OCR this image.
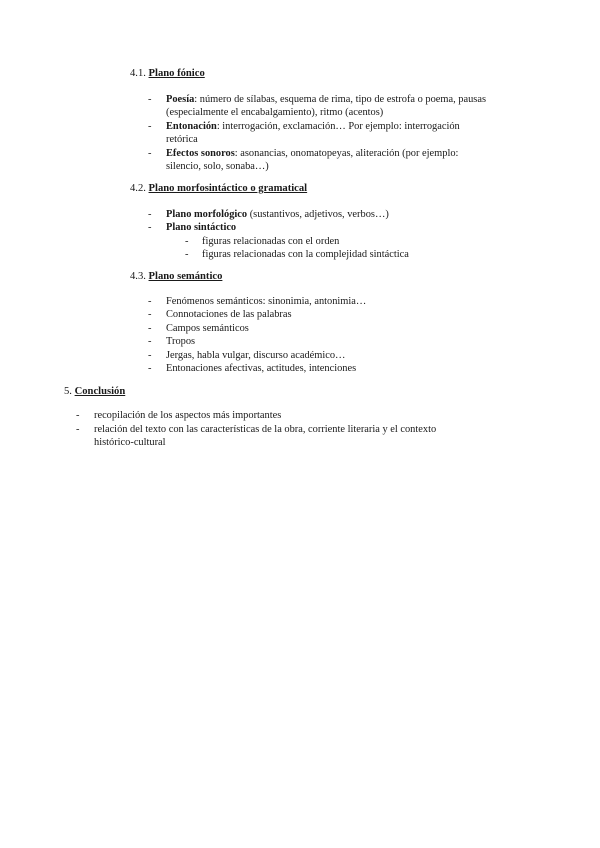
4.1. Plano fónico
- Poesía: número de sílabas, esquema de rima, tipo de estrofa o poema, pausas
(especialmente el encabalgamiento), ritmo (acentos)
- Entonación: interrogación, exclamación… Por ejemplo: interrogación
retórica
- Efectos sonoros: asonancias, onomatopeyas, aliteración (por ejemplo:
silencio, solo, sonaba…)
4.2. Plano morfosintáctico o gramatical
- Plano morfológico (sustantivos, adjetivos, verbos…)
- Plano sintáctico
- figuras relacionadas con el orden
- figuras relacionadas con la complejidad sintáctica
4.3. Plano semántico
- Fenómenos semánticos: sinonimia, antonimia…
- Connotaciones de las palabras
- Campos semánticos
- Tropos
- Jergas, habla vulgar, discurso académico…
- Entonaciones afectivas, actitudes, intenciones
5. Conclusión
- recopilación de los aspectos más importantes
- relación del texto con las características de la obra, corriente literaria y el contexto
histórico-cultural
